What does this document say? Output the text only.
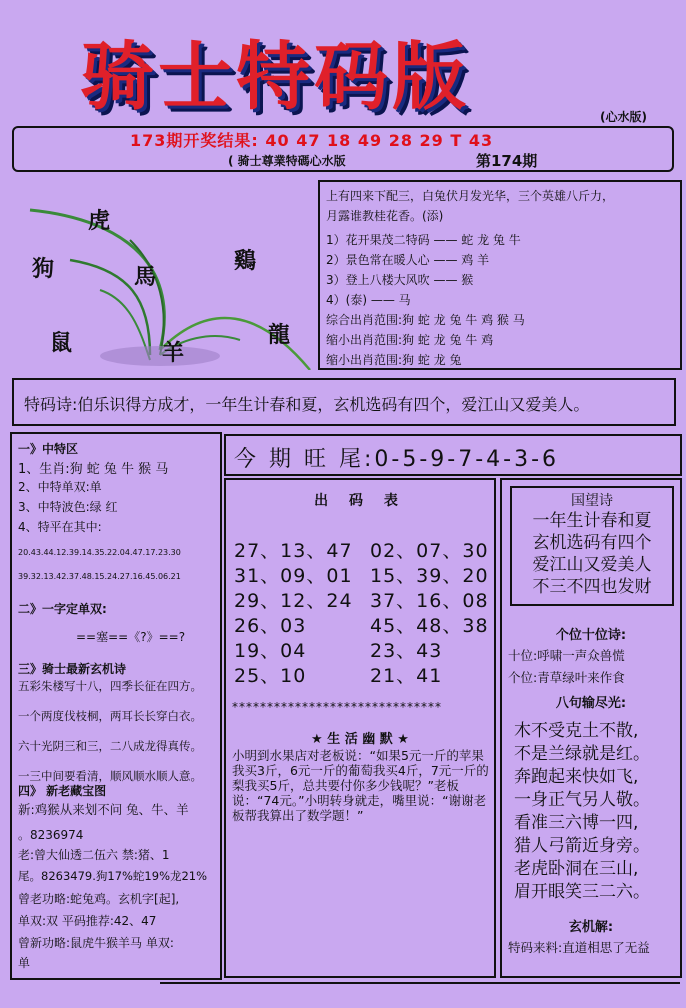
骑士特码版	(心水版)
173期开奖结果: 40 47 18 49 28 29 T 43
( 骑士尊業特碼心水版	第174期
虎
狗	馬
鷄
鼠	羊
龍
上有四来下配三，白兔伏月发光华，三个英雄八斤力，
月露谁教桂花香。(添)
1）花开果茂二特码 —— 蛇 龙 兔 牛
2）景色常在暖人心 —— 鸡 羊
3）登上八楼大风吹 —— 猴
4）(泰) —— 马
综合出肖范围:狗 蛇 龙 兔 牛 鸡 猴 马
缩小出肖范围:狗 蛇 龙 兔 牛 鸡
缩小出肖范围:狗 蛇 龙 兔
特码诗:伯乐识得方成才，一年生计春和夏，玄机选码有四个，爱江山又爱美人。
一》中特区
1、生肖:狗 蛇 兔 牛 猴 马
2、中特单双:单
3、中特波色:绿 红
4、特平在其中:
20.43.44.12.39.14.35.22.04.47.17.23.30
39.32.13.42.37.48.15.24.27.16.45.06.21
二》一字定单双:
==塞==《?》==?
三》骑士最新玄机诗
五彩朱楼写十八，四季长征在四方。
一个两度伐枝桐，两耳长长穿白衣。
六十光阴三和三，二八成龙得真传。
一三中间要看清，顺风顺水顺人意。
四》 新老藏宝图
新:鸡猴从来划不问 兔、牛、羊
。8236974
老:曾大仙透二伍六 禁:猪、1
尾。8263479.狗17%蛇19%龙21%
曾老功略:蛇兔鸡。玄机字[起],
单双:双 平码推荐:42、47
曾新功略:鼠虎牛猴羊马 单双:
单
今 期 旺 尾:0-5-9-7-4-3-6
出 码 表
27、13、47 02、07、30
31、09、01 15、39、20
29、12、24 37、16、08
26、03	45、48、38
19、04	23、43
25、10	21、41
******************************
★ 生 活 幽 默 ★
小明到水果店对老板说：“如果5元一斤的苹果我买3斤，6元一斤的葡萄我买4斤，7元一斤的梨我买5斤，总共要付你多少钱呢？”老板说：“74元。”小明转身就走，嘴里说：“谢谢老板帮我算出了数学题！”
国望诗
一年生计春和夏
玄机选码有四个
爱江山又爱美人
不三不四也发财
个位十位诗:
十位:呼啸一声众兽慌
个位:青草绿叶来作食
八句输尽光:
木不受克土不散,
不是兰绿就是红。
奔跑起来快如飞,
一身正气另人敬。
看准三六博一四,
猎人弓箭近身旁。
老虎卧洞在三山,
眉开眼笑三二六。
玄机解:
特码来料:直道相思了无益
